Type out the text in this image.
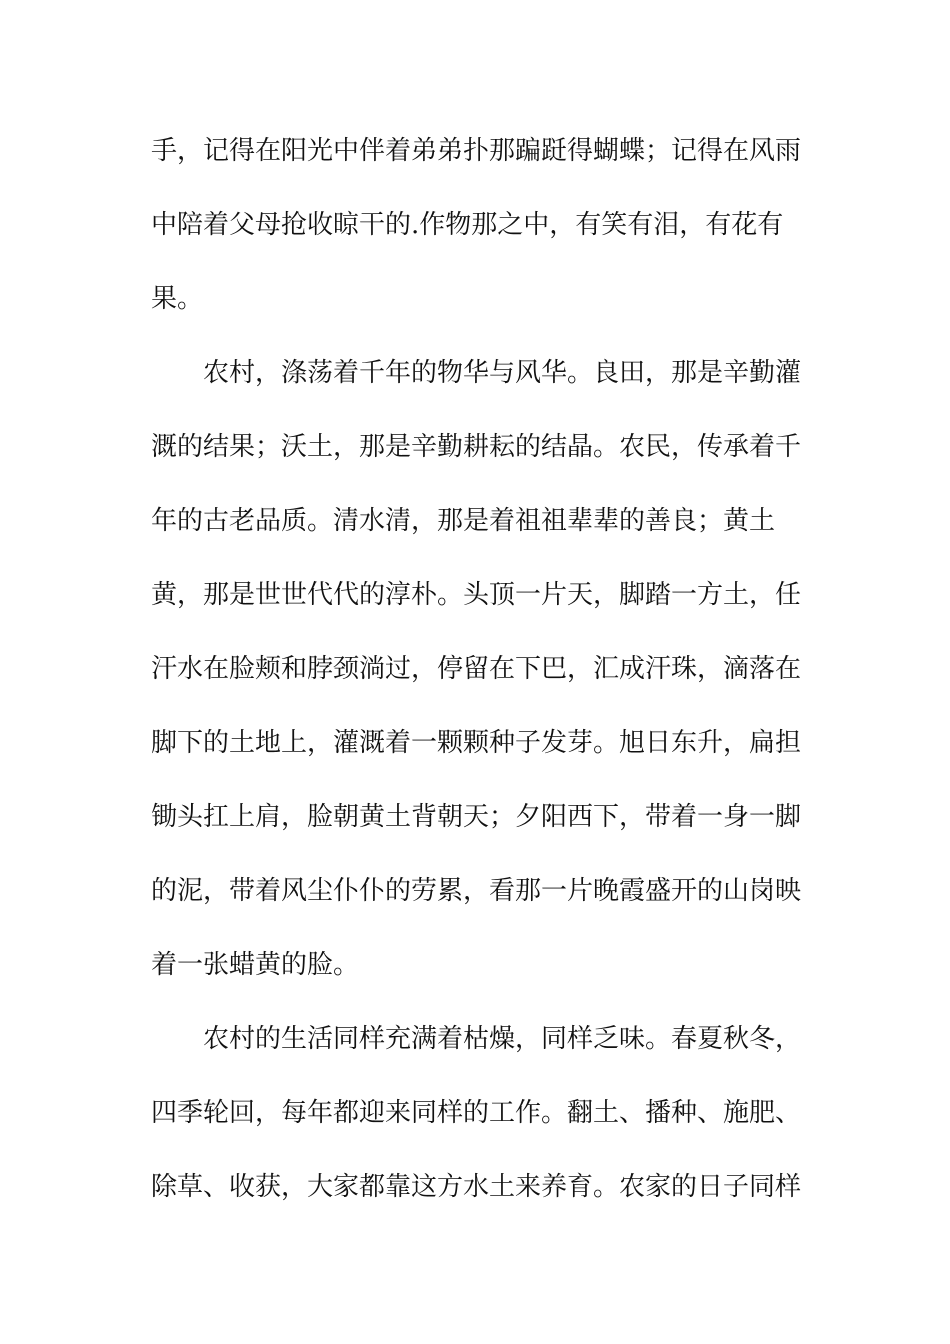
手，记得在阳光中伴着弟弟扑那蹁跹得蝴蝶；记得在风雨
中陪着父母抢收晾干的.作物那之中，有笑有泪，有花有
果。
农村，涤荡着千年的物华与风华。良田，那是辛勤灌
溉的结果；沃土，那是辛勤耕耘的结晶。农民，传承着千
年的古老品质。清水清，那是着祖祖辈辈的善良；黄土
黄，那是世世代代的淳朴。头顶一片天，脚踏一方土，任
汗水在脸颊和脖颈淌过，停留在下巴，汇成汗珠，滴落在
脚下的土地上，灌溉着一颗颗种子发芽。旭日东升，扁担
锄头扛上肩，脸朝黄土背朝天；夕阳西下，带着一身一脚
的泥，带着风尘仆仆的劳累，看那一片晚霞盛开的山岗映
着一张蜡黄的脸。
农村的生活同样充满着枯燥，同样乏味。春夏秋冬，
四季轮回，每年都迎来同样的工作。翻土、播种、施肥、
除草、收获，大家都靠这方水土来养育。农家的日子同样
